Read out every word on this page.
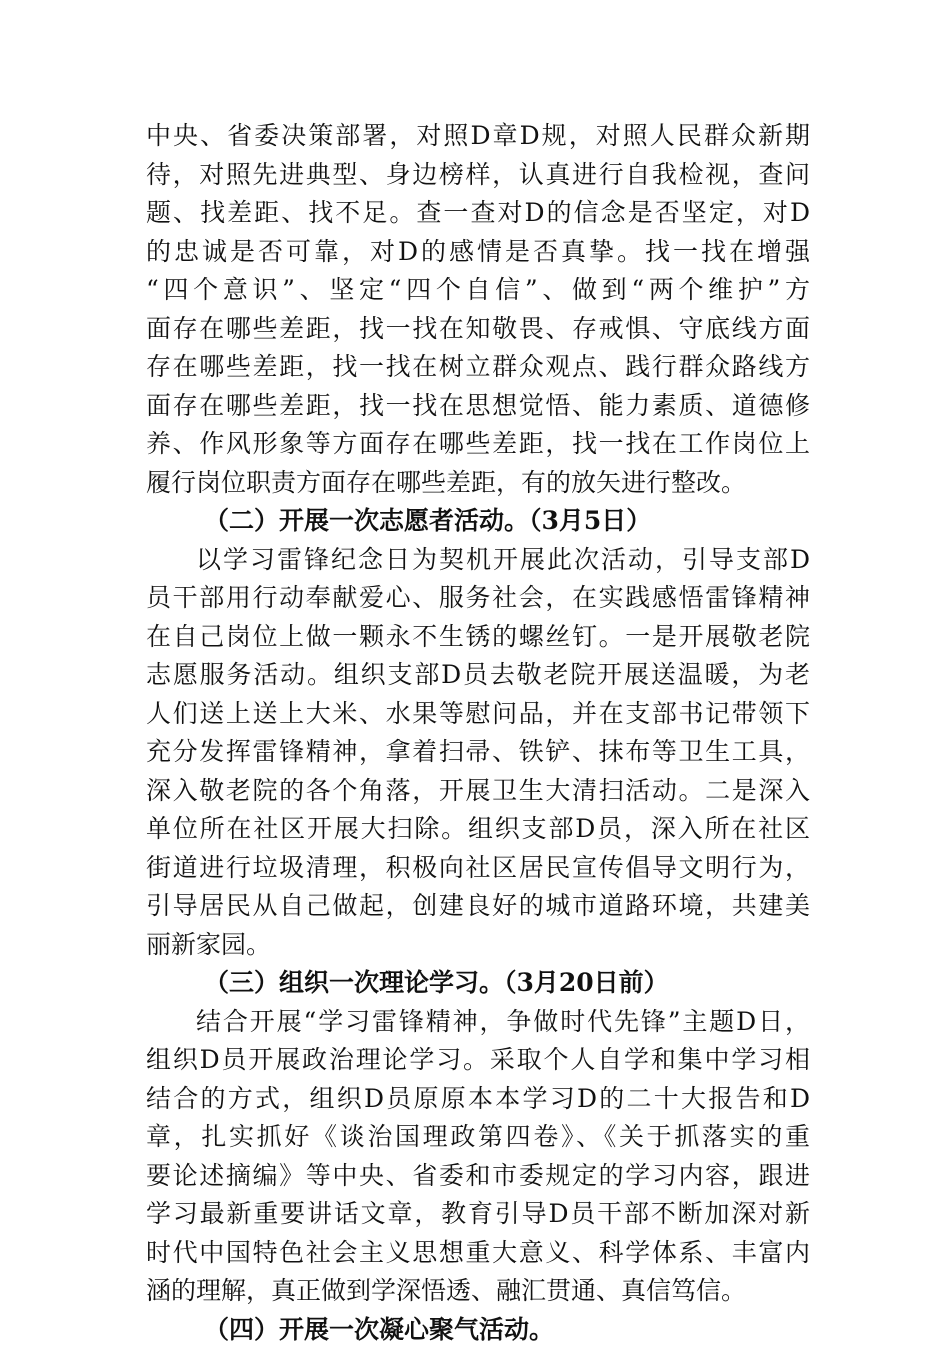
中央、省委决策部署，对照D章D规，对照人民群众新期
待，对照先进典型、身边榜样，认真进行自我检视，查问
题、找差距、找不足。查一查对D的信念是否坚定，对D
的忠诚是否可靠，对D的感情是否真挚。找一找在增强
“四个意识”、坚定“四个自信”、做到“两个维护”方
面存在哪些差距，找一找在知敬畏、存戒惧、守底线方面
存在哪些差距，找一找在树立群众观点、践行群众路线方
面存在哪些差距，找一找在思想觉悟、能力素质、道德修
养、作风形象等方面存在哪些差距，找一找在工作岗位上
履行岗位职责方面存在哪些差距，有的放矢进行整改。
（二）开展一次志愿者活动。（3月5日）
以学习雷锋纪念日为契机开展此次活动，引导支部D
员干部用行动奉献爱心、服务社会，在实践感悟雷锋精神
在自己岗位上做一颗永不生锈的螺丝钉。一是开展敬老院
志愿服务活动。组织支部D员去敬老院开展送温暖，为老
人们送上送上大米、水果等慰问品，并在支部书记带领下
充分发挥雷锋精神，拿着扫帚、铁铲、抹布等卫生工具，
深入敬老院的各个角落，开展卫生大清扫活动。二是深入
单位所在社区开展大扫除。组织支部D员，深入所在社区
街道进行垃圾清理，积极向社区居民宣传倡导文明行为，
引导居民从自己做起，创建良好的城市道路环境，共建美
丽新家园。
（三）组织一次理论学习。（3月20日前）
结合开展“学习雷锋精神，争做时代先锋”主题D日，
组织D员开展政治理论学习。采取个人自学和集中学习相
结合的方式，组织D员原原本本学习D的二十大报告和D
章，扎实抓好《谈治国理政第四卷》、《关于抓落实的重
要论述摘编》等中央、省委和市委规定的学习内容，跟进
学习最新重要讲话文章，教育引导D员干部不断加深对新
时代中国特色社会主义思想重大意义、科学体系、丰富内
涵的理解，真正做到学深悟透、融汇贯通、真信笃信。
（四）开展一次凝心聚气活动。
